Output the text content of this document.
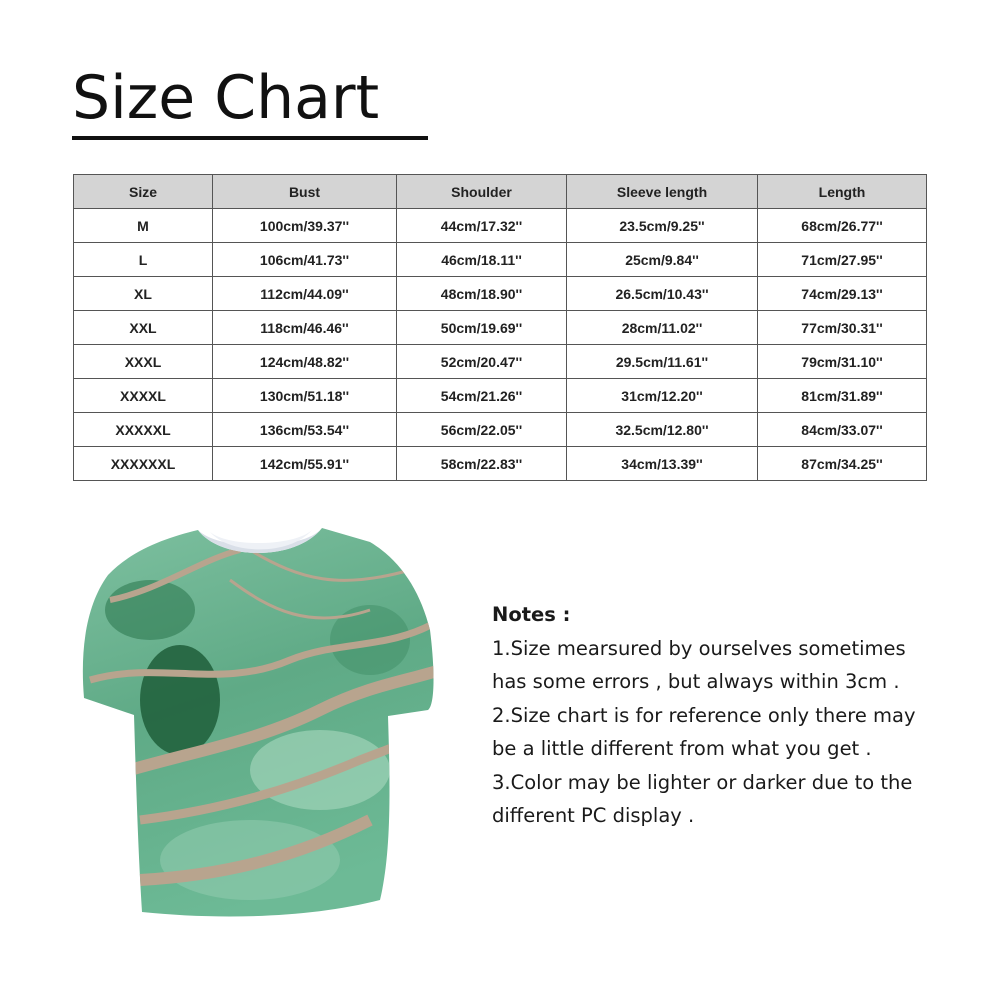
Size Chart
Size	Bust	Shoulder	Sleeve length	Length
M	100cm/39.37''	44cm/17.32''	23.5cm/9.25''	68cm/26.77''
L	106cm/41.73''	46cm/18.11''	25cm/9.84''	71cm/27.95''
XL	112cm/44.09''	48cm/18.90''	26.5cm/10.43''	74cm/29.13''
XXL	118cm/46.46''	50cm/19.69''	28cm/11.02''	77cm/30.31''
XXXL	124cm/48.82''	52cm/20.47''	29.5cm/11.61''	79cm/31.10''
XXXXL	130cm/51.18''	54cm/21.26''	31cm/12.20''	81cm/31.89''
XXXXXL	136cm/53.54''	56cm/22.05''	32.5cm/12.80''	84cm/33.07''
XXXXXXL	142cm/55.91''	58cm/22.83''	34cm/13.39''	87cm/34.25''
Notes :
1.Size mearsured by ourselves sometimes
has some errors , but always within 3cm .
2.Size chart is for reference only there may
be a little different from what you get .
3.Color may be lighter or darker due to the
different PC display .
